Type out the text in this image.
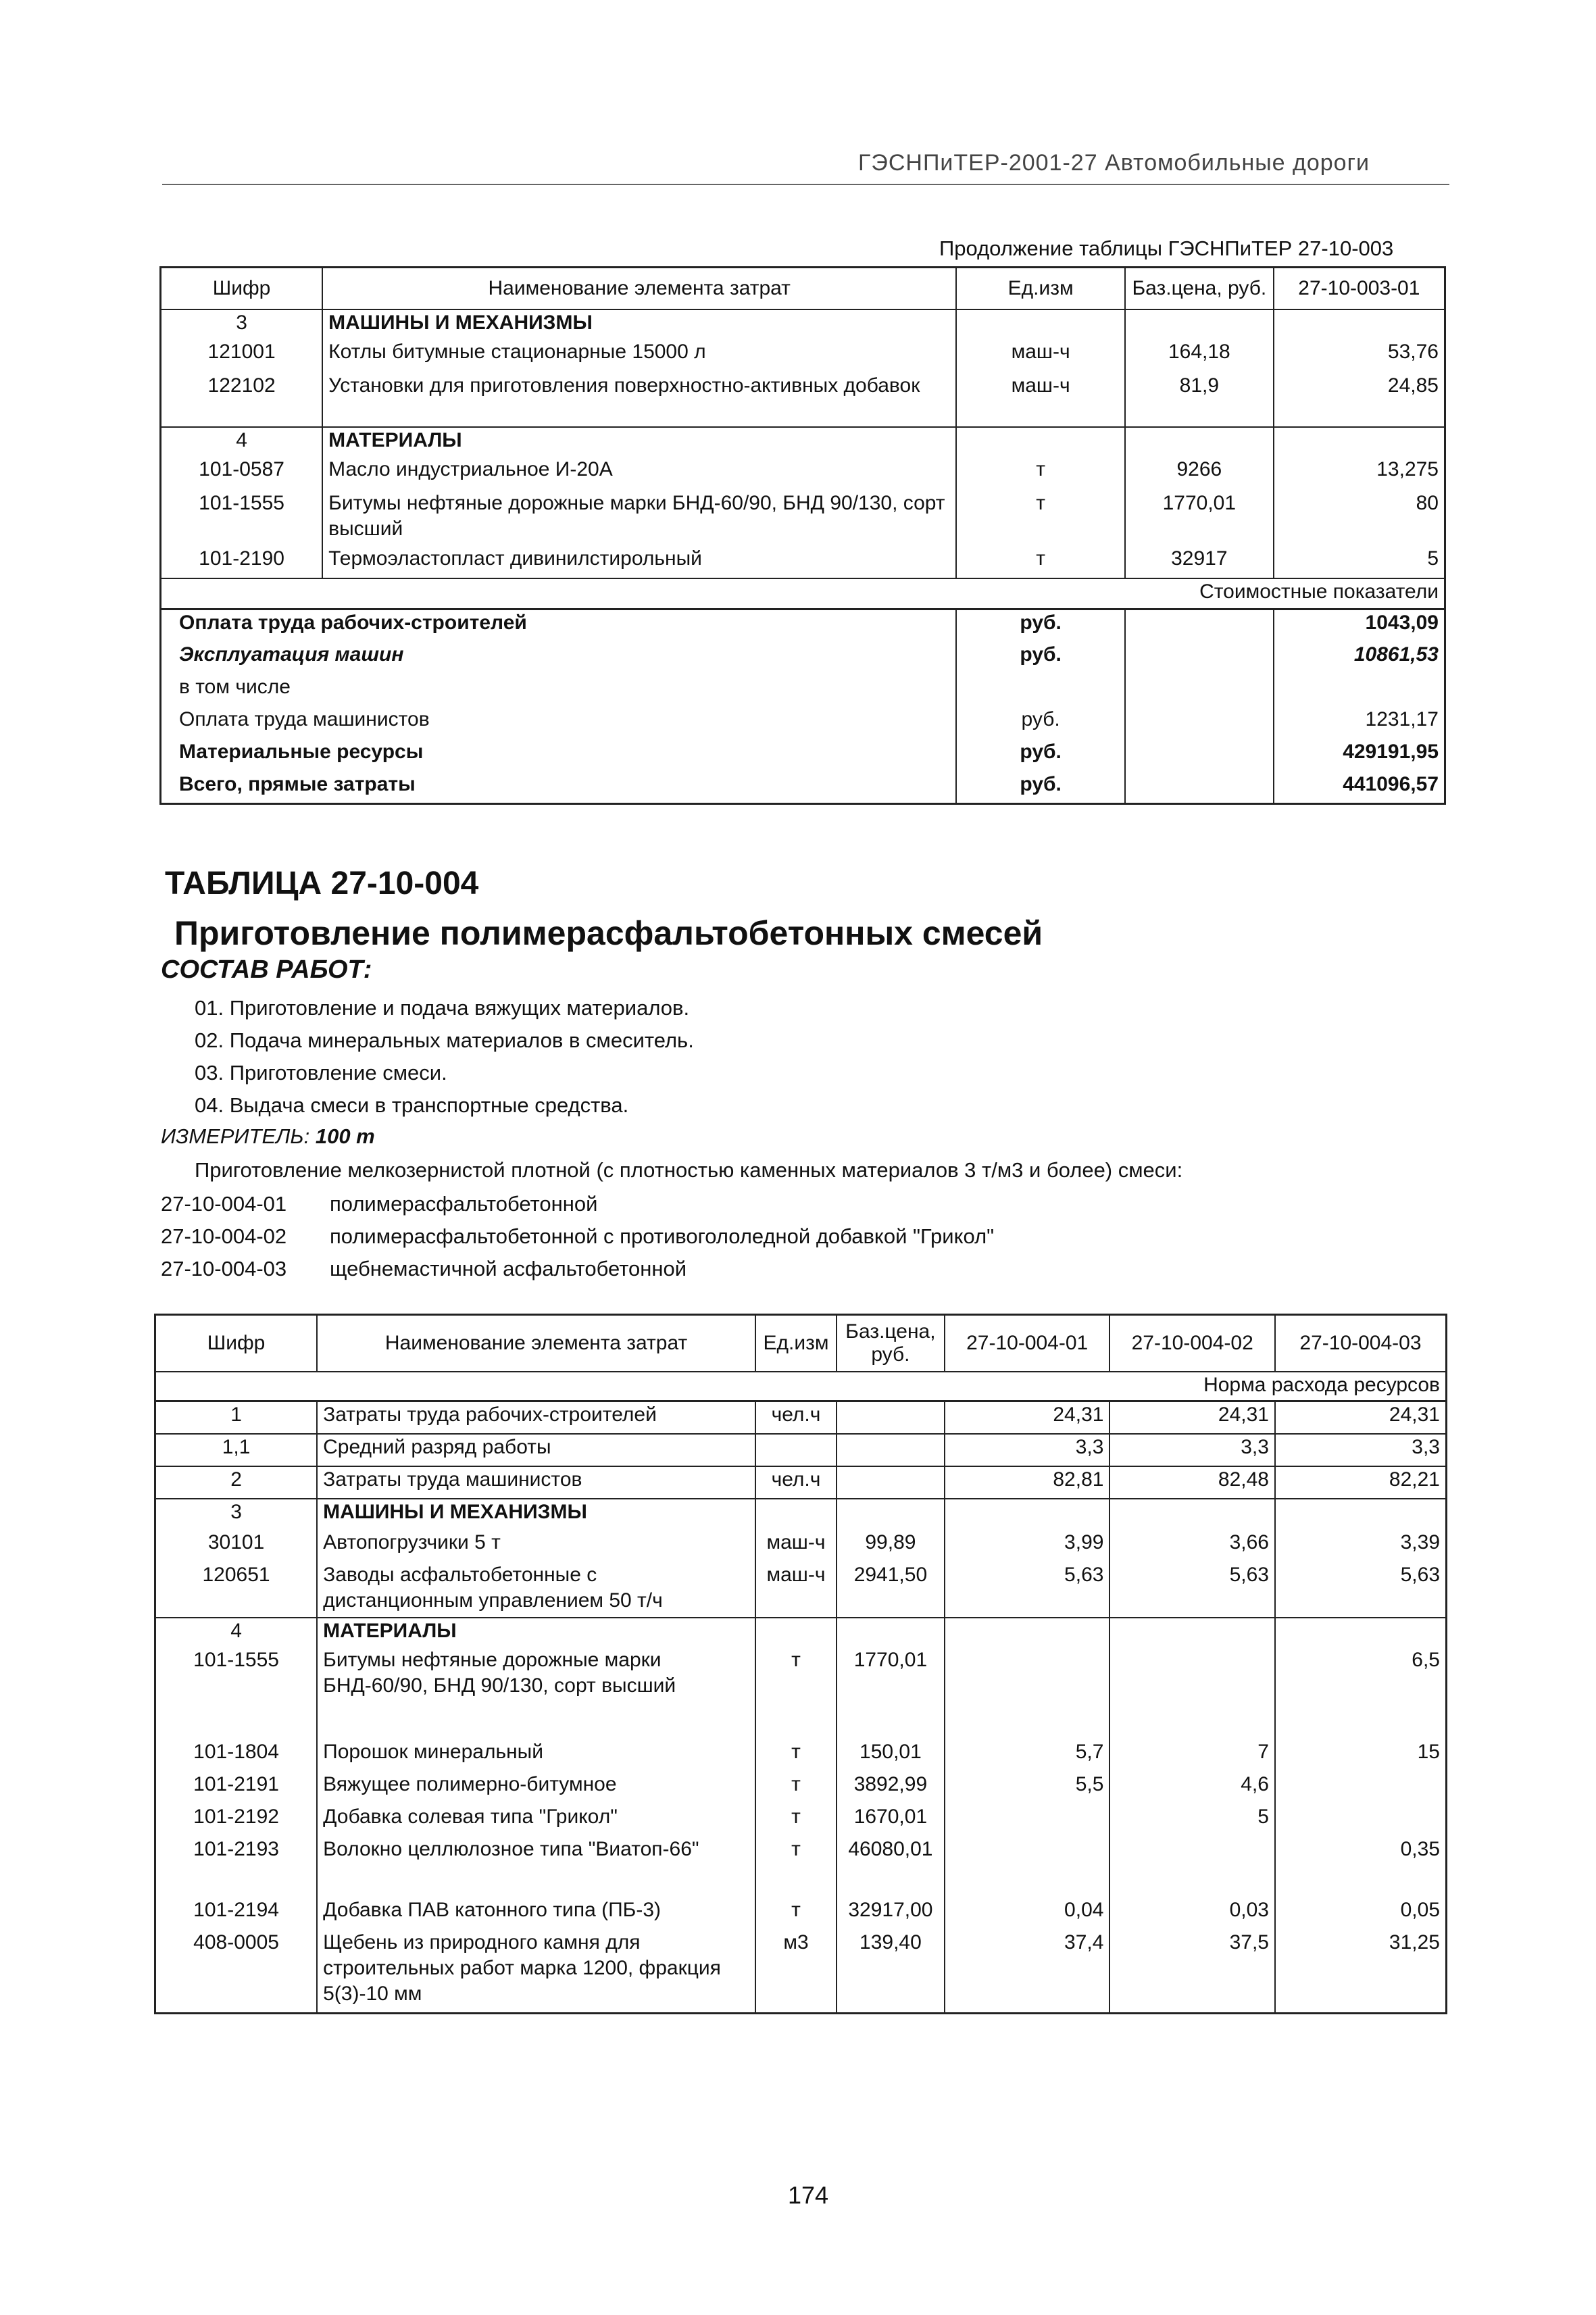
ГЭСНПиТЕР-2001-27 Автомобильные дороги
Продолжение таблицы ГЭСНПиТЕР 27-10-003
Шифр	Наименование элемента затрат	Ед.изм	Баз.цена, руб.	27-10-003-01
3	МАШИНЫ И МЕХАНИЗМЫ			
121001	Котлы битумные стационарные 15000 л	маш-ч	164,18	53,76
122102	Установки для приготовления поверхностно-активных добавок	маш-ч	81,9	24,85
4	МАТЕРИАЛЫ			
101-0587	Масло индустриальное И-20А	т	9266	13,275
101-1555	Битумы нефтяные дорожные марки БНД-60/90, БНД 90/130, сорт высший	т	1770,01	80
101-2190	Термоэластопласт дивинилстирольный	т	32917	5
Стоимостные показатели				
Оплата труда рабочих-строителей		руб.		1043,09
Эксплуатация машин		руб.		10861,53
в том числе				
Оплата труда машинистов		руб.		1231,17
Материальные ресурсы		руб.		429191,95
Всего, прямые затраты		руб.		441096,57
ТАБЛИЦА 27-10-004
Приготовление полимерасфальтобетонных смесей
СОСТАВ РАБОТ:
01. Приготовление и подача вяжущих материалов.
02. Подача минеральных материалов в смеситель.
03. Приготовление смеси.
04. Выдача смеси в транспортные средства.
ИЗМЕРИТЕЛЬ: 100 т
Приготовление мелкозернистой плотной (с плотностью каменных материалов 3 т/м3 и более) смеси:
27-10-004-01 полимерасфальтобетонной
27-10-004-02 полимерасфальтобетонной с противогололедной добавкой "Грикол"
27-10-004-03 щебнемастичной асфальтобетонной
Шифр	Наименование элемента затрат	Ед.изм	Баз.цена, руб.	27-10-004-01	27-10-004-02	27-10-004-03
Норма расхода ресурсов						
1	Затраты труда рабочих-строителей	чел.ч		24,31	24,31	24,31
1,1	Средний разряд работы			3,3	3,3	3,3
2	Затраты труда машинистов	чел.ч		82,81	82,48	82,21
3	МАШИНЫ И МЕХАНИЗМЫ					
30101	Автопогрузчики 5 т	маш-ч	99,89	3,99	3,66	3,39
120651	Заводы асфальтобетонные с дистанционным управлением 50 т/ч	маш-ч	2941,50	5,63	5,63	5,63
4	МАТЕРИАЛЫ					
101-1555	Битумы нефтяные дорожные марки БНД-60/90, БНД 90/130, сорт высший	т	1770,01			6,5
101-1804	Порошок минеральный	т	150,01	5,7	7	15
101-2191	Вяжущее полимерно-битумное	т	3892,99	5,5	4,6	
101-2192	Добавка солевая типа "Грикол"	т	1670,01		5	
101-2193	Волокно целлюлозное типа "Виатоп-66"	т	46080,01			0,35
101-2194	Добавка ПАВ катонного типа (ПБ-3)	т	32917,00	0,04	0,03	0,05
408-0005	Щебень из природного камня для строительных работ марка 1200, фракция 5(3)-10 мм	м3	139,40	37,4	37,5	31,25
174
